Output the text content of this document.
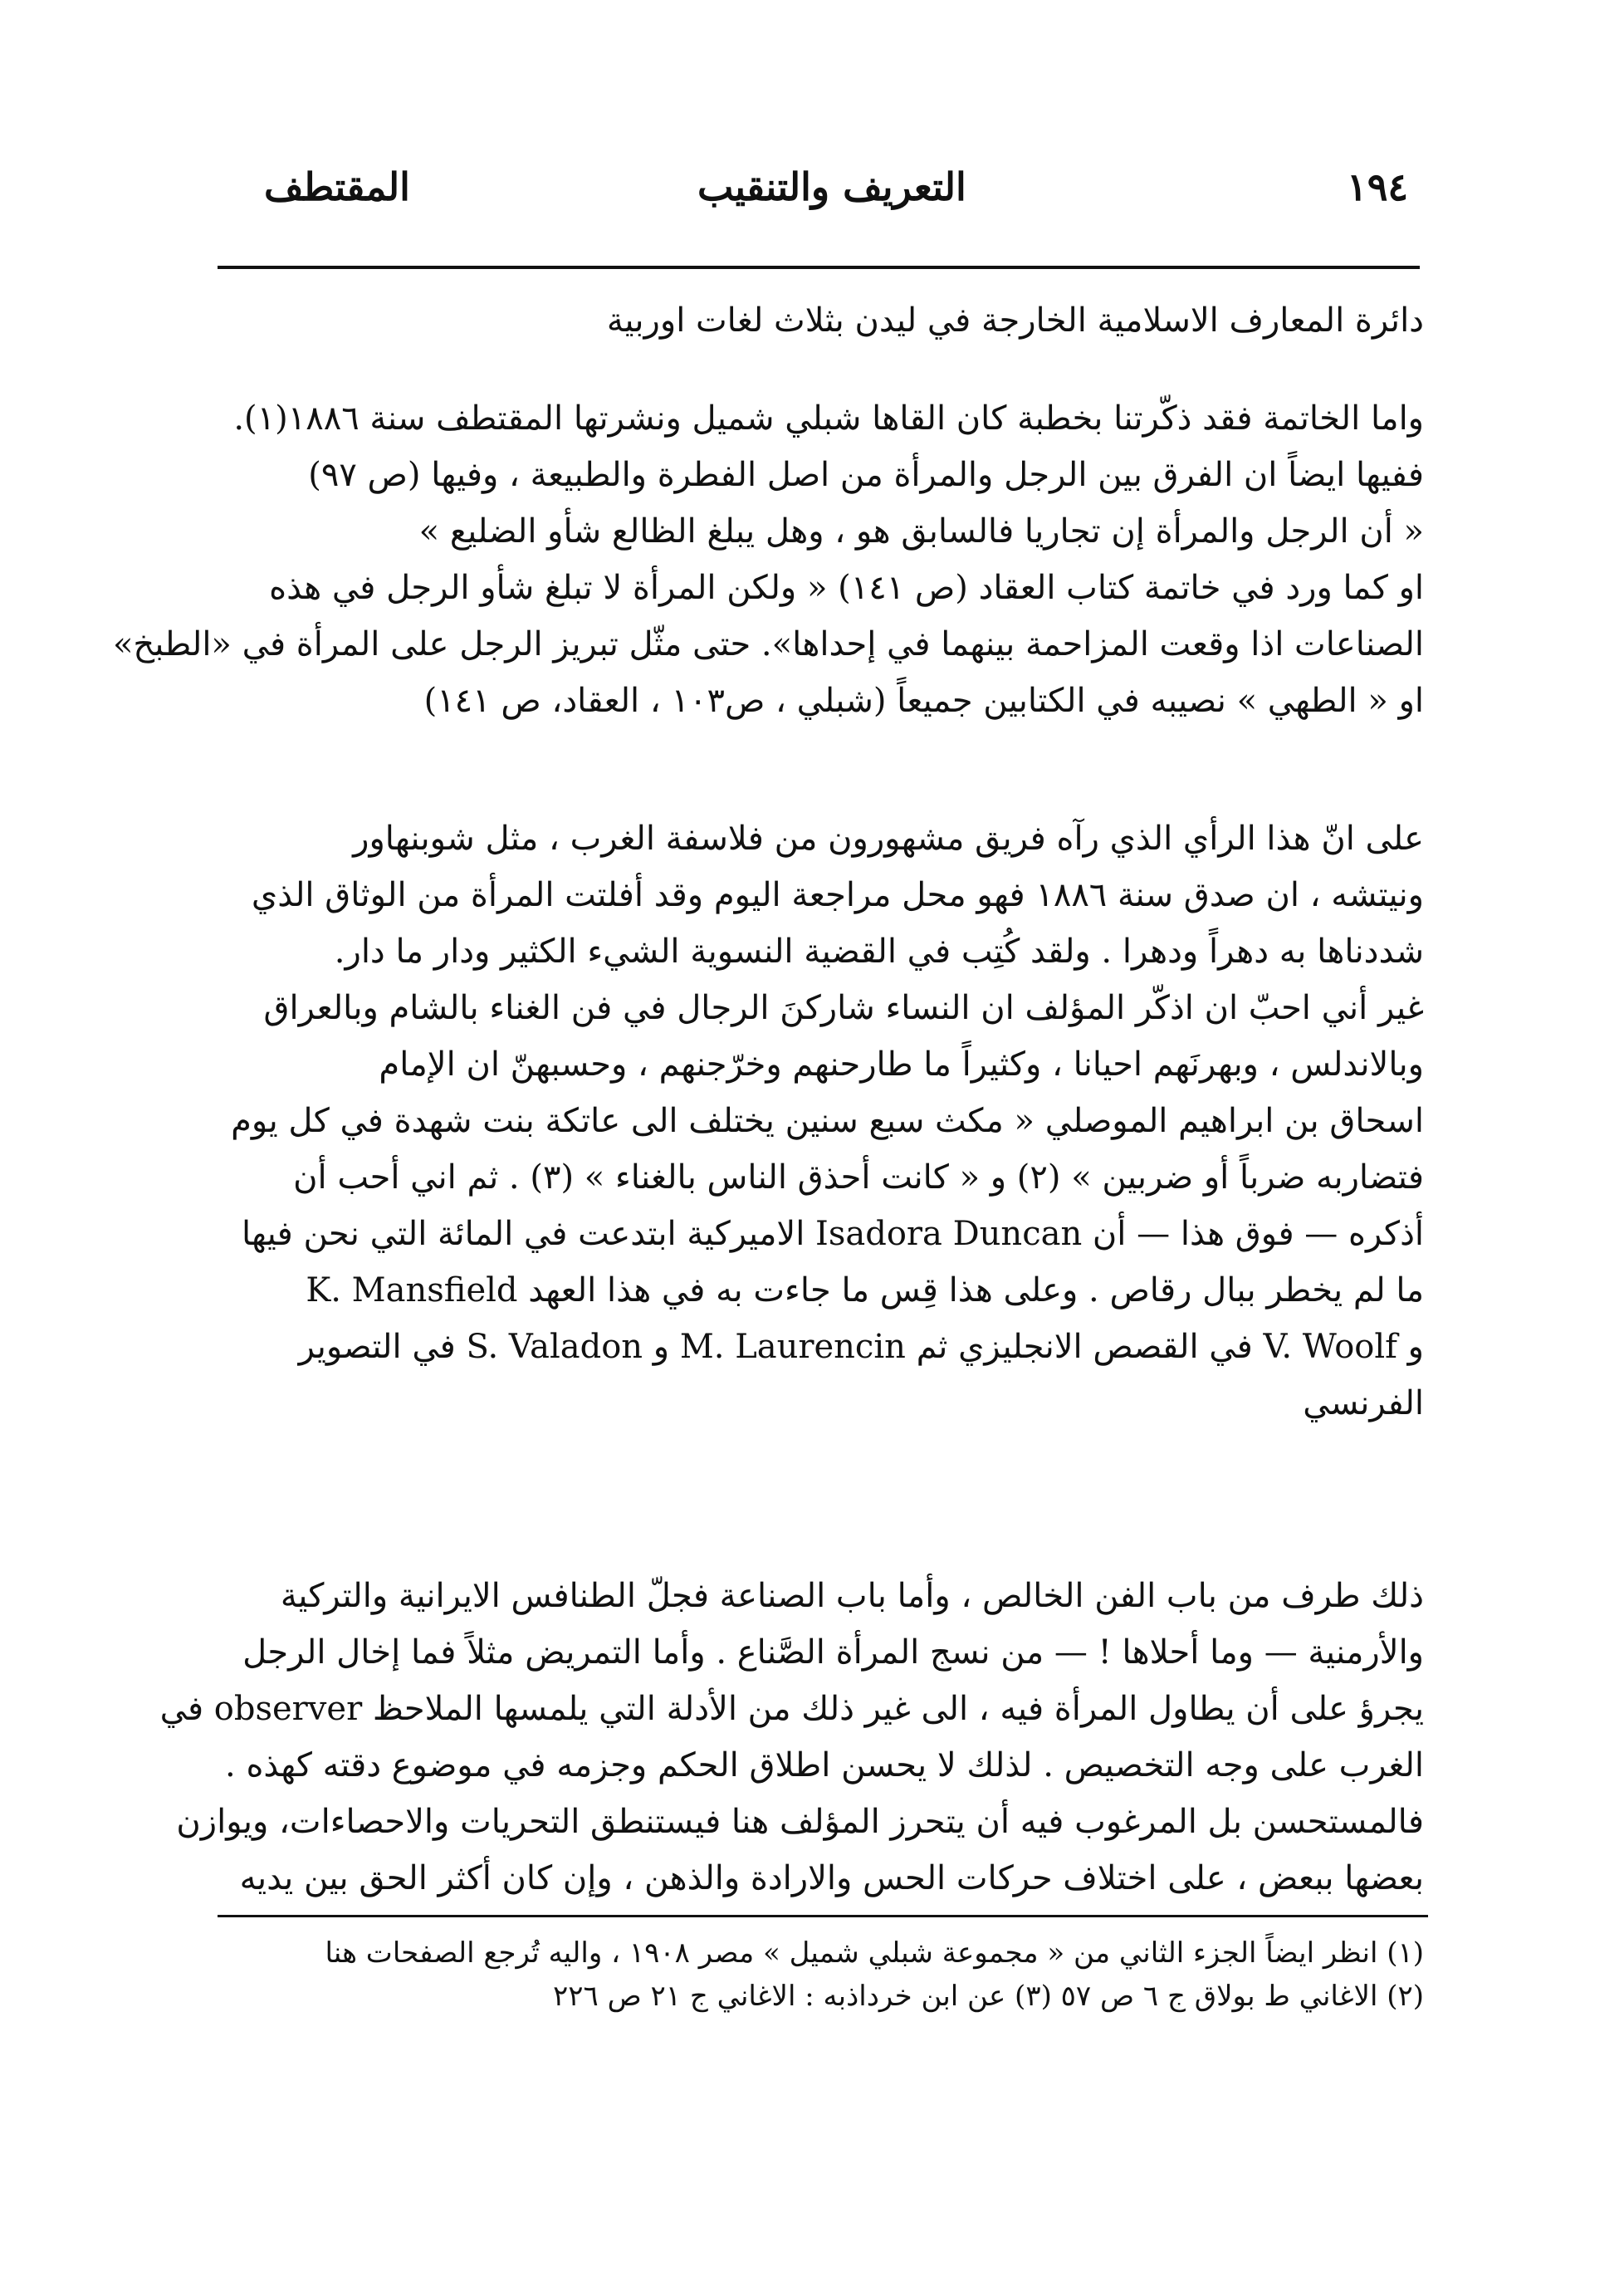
١٩٤
التعريف والتنقيب
المقتطف
دائرة المعارف الاسلامية الخارجة في ليدن بثلاث لغات اوربية
واما الخاتمة فقد ذكّرتنا بخطبة كان القاها شبلي شميل ونشرتها المقتطف سنة ١٨٨٦(١).
ففيها ايضاً ان الفرق بين الرجل والمرأة من اصل الفطرة والطبيعة ، وفيها (ص ٩٧)
« أن الرجل والمرأة إن تجاريا فالسابق هو ، وهل يبلغ الظالع شأو الضليع »
او كما ورد في خاتمة كتاب العقاد (ص ١٤١) « ولكن المرأة لا تبلغ شأو الرجل في هذه
الصناعات اذا وقعت المزاحمة بينهما في إحداها». حتى مثّل تبريز الرجل على المرأة في «الطبخ»
او « الطهي » نصيبه في الكتابين جميعاً (شبلي ، ص١٠٣ ، العقاد، ص ١٤١)
على انّ هذا الرأي الذي رآه فريق مشهورون من فلاسفة الغرب ، مثل شوبنهاور
ونيتشه ، ان صدق سنة ١٨٨٦ فهو محل مراجعة اليوم وقد أفلتت المرأة من الوثاق الذي
شددناها به دهراً ودهرا . ولقد كُتِب في القضية النسوية الشيء الكثير ودار ما دار.
غير أني احبّ ان اذكّر المؤلف ان النساء شاركنَ الرجال في فن الغناء بالشام وبالعراق
وبالاندلس ، وبهرنَهم احيانا ، وكثيراً ما طارحنهم وخرّجنهم ، وحسبهنّ ان الإمام
اسحاق بن ابراهيم الموصلي « مكث سبع سنين يختلف الى عاتكة بنت شهدة في كل يوم
فتضاربه ضرباً أو ضربين » (٢) و « كانت أحذق الناس بالغناء » (٣) . ثم اني أحب أن
أذكره — فوق هذا — أن Isadora Duncan الاميركية ابتدعت في المائة التي نحن فيها
ما لم يخطر ببال رقاص . وعلى هذا قِس ما جاءت به في هذا العهد K. Mansfield
و V. Woolf في القصص الانجليزي ثم M. Laurencin و S. Valadon في التصوير
الفرنسي
ذلك طرف من باب الفن الخالص ، وأما باب الصناعة فجلّ الطنافس الايرانية والتركية
والأرمنية — وما أحلاها ! — من نسج المرأة الصَّناع . وأما التمريض مثلاً فما إخال الرجل
يجرؤ على أن يطاول المرأة فيه ، الى غير ذلك من الأدلة التي يلمسها الملاحظ observer في
الغرب على وجه التخصيص . لذلك لا يحسن اطلاق الحكم وجزمه في موضوع دقته كهذه .
فالمستحسن بل المرغوب فيه أن يتحرز المؤلف هنا فيستنطق التحريات والاحصاءات، ويوازن
بعضها ببعض ، على اختلاف حركات الحس والارادة والذهن ، وإن كان أكثر الحق بين يديه
(١) انظر ايضاً الجزء الثاني من « مجموعة شبلي شميل » مصر ١٩٠٨ ، واليه تُرجع الصفحات هنا
(٢) الاغاني ط بولاق ج ٦ ص ٥٧ (٣) عن ابن خرداذبه : الاغاني ج ٢١ ص ٢٢٦
